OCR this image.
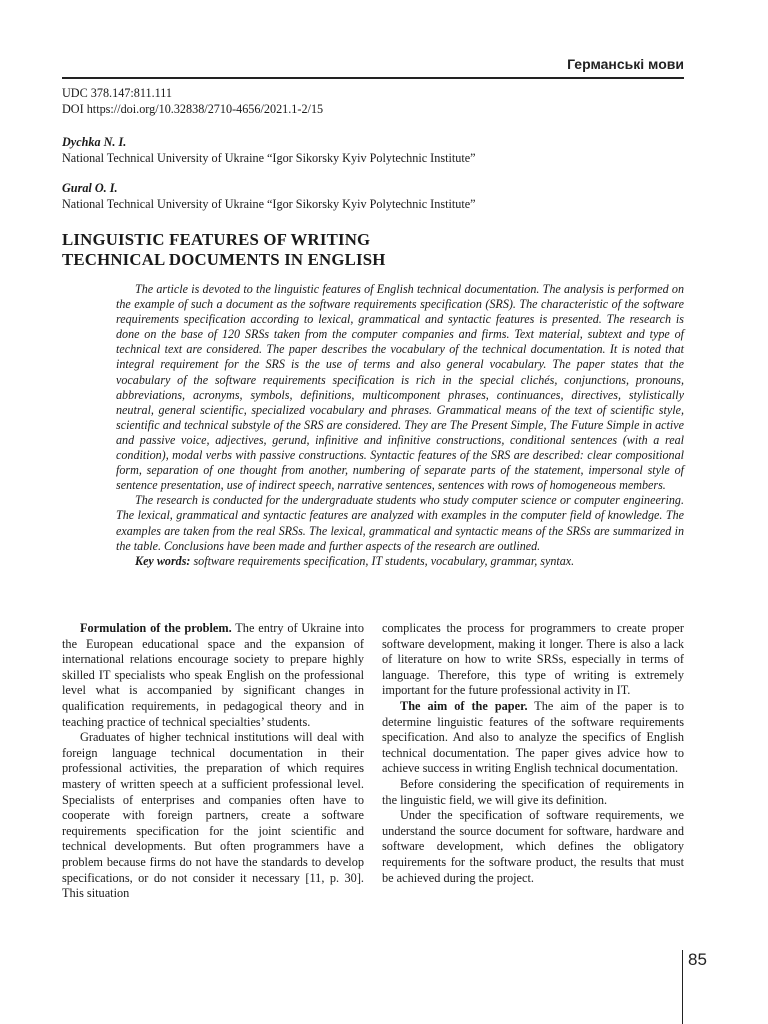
Германські мови
UDC 378.147:811.111
DOI https://doi.org/10.32838/2710-4656/2021.1-2/15
Dychka N. I.
National Technical University of Ukraine “Igor Sikorsky Kyiv Polytechnic Institute”
Gural O. I.
National Technical University of Ukraine “Igor Sikorsky Kyiv Polytechnic Institute”
LINGUISTIC FEATURES OF WRITING
TECHNICAL DOCUMENTS IN ENGLISH

The article is devoted to the linguistic features of English technical documentation. The analysis is performed on the example of such a document as the software requirements specification (SRS). The characteristic of the software requirements specification according to lexical, grammatical and syntactic features is presented. The research is done on the base of 120 SRSs taken from the computer companies and firms. Text material, subtext and type of technical text are considered. The paper describes the vocabulary of the technical documentation. It is noted that integral requirement for the SRS is the use of terms and also general vocabulary. The paper states that the vocabulary of the software requirements specification is rich in the special clichés, conjunctions, pronouns, abbreviations, acronyms, symbols, definitions, multicomponent phrases, continuances, directives, stylistically neutral, general scientific, specialized vocabulary and phrases. Grammatical means of the text of scientific style, scientific and technical substyle of the SRS are considered. They are The Present Simple, The Future Simple in active and passive voice, adjectives, gerund, infinitive and infinitive constructions, conditional sentences (with a real condition), modal verbs with passive constructions. Syntactic features of the SRS are described: clear compositional form, separation of one thought from another, numbering of separate parts of the statement, impersonal style of sentence presentation, use of indirect speech, narrative sentences, sentences with rows of homogeneous members.

The research is conducted for the undergraduate students who study computer science or computer engineering. The lexical, grammatical and syntactic features are analyzed with examples in the computer field of knowledge. The examples are taken from the real SRSs. The lexical, grammatical and syntactic means of the SRSs are summarized in the table. Conclusions have been made and further aspects of the research are outlined.

Key words: software requirements specification, IT students, vocabulary, grammar, syntax.

Formulation of the problem. The entry of Ukraine into the European educational space and the expansion of international relations encourage society to prepare highly skilled IT specialists who speak English on the professional level what is accompanied by significant changes in qualification requirements, in pedagogical theory and in teaching practice of technical specialties’ students.

Graduates of higher technical institutions will deal with foreign language technical documentation in their professional activities, the preparation of which requires mastery of written speech at a sufficient professional level. Specialists of enterprises and companies often have to cooperate with foreign partners, create a software requirements specification for the joint scientific and technical developments. But often programmers have a problem because firms do not have the standards to develop specifications, or do not consider it necessary [11, p. 30]. This situation

complicates the process for programmers to create proper software development, making it longer. There is also a lack of literature on how to write SRSs, especially in terms of language. Therefore, this type of writing is extremely important for the future professional activity in IT.

The aim of the paper. The aim of the paper is to determine linguistic features of the software requirements specification. And also to analyze the specifics of English technical documentation. The paper gives advice how to achieve success in writing English technical documentation.

Before considering the specification of requirements in the linguistic field, we will give its definition.

Under the specification of software requirements, we understand the source document for software, hardware and software development, which defines the obligatory requirements for the software product, the results that must be achieved during the project.

85
